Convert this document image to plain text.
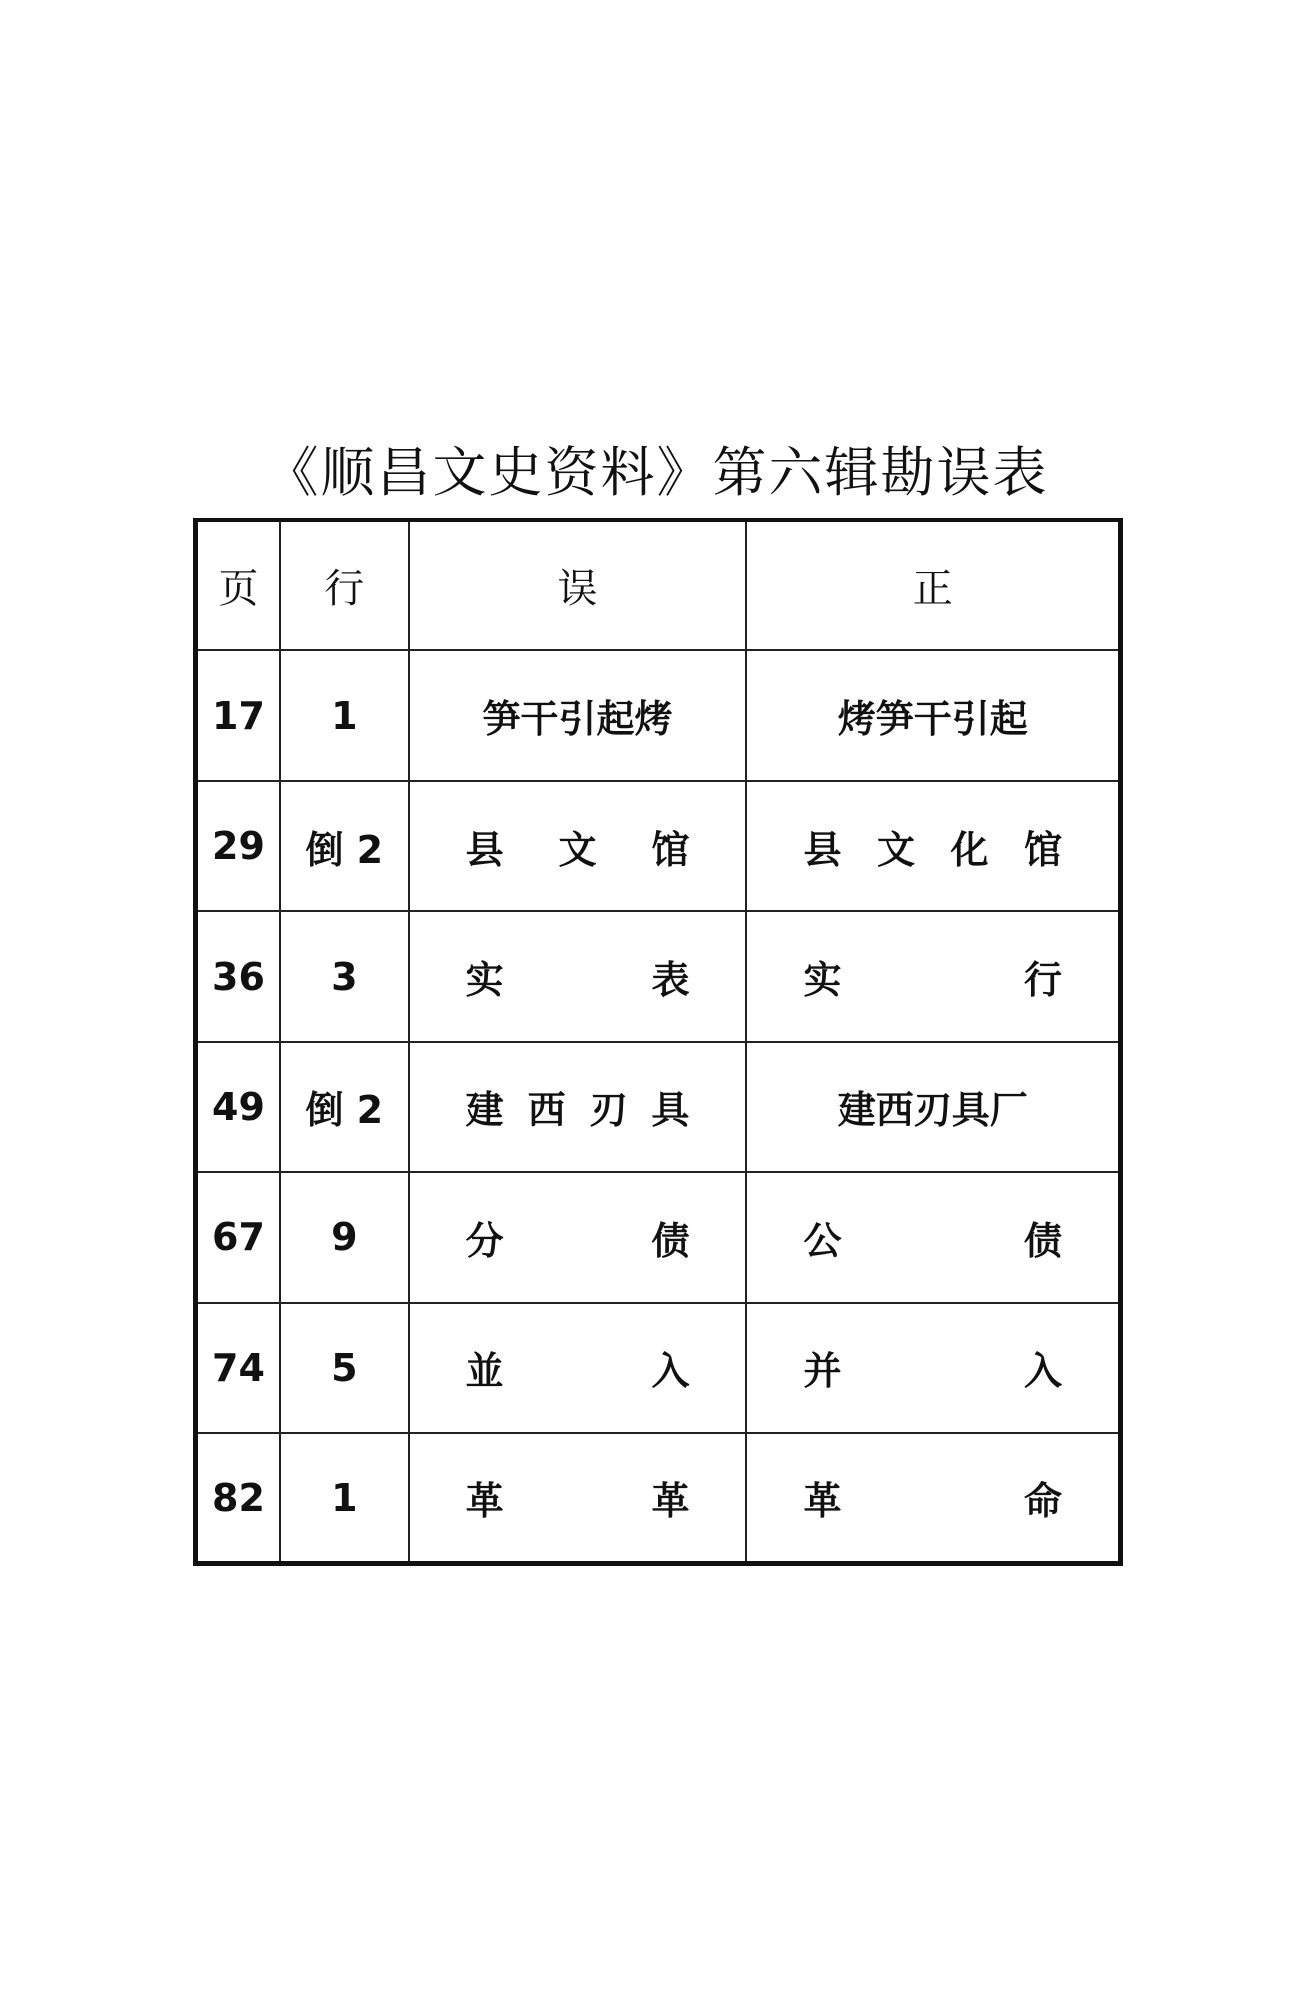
《顺昌文史资料》第六辑勘误表
页	行	误	正
17	1	笋干引起烤	烤笋干引起

29	倒 2	县 文 馆	县 文 化 馆

36	3	实 表	实 行

49	倒 2	建 西 刃 具	建西刃具厂

67	9	分 债	公 债

74	5	並 入	并 入

82	1	革 革	革 命
